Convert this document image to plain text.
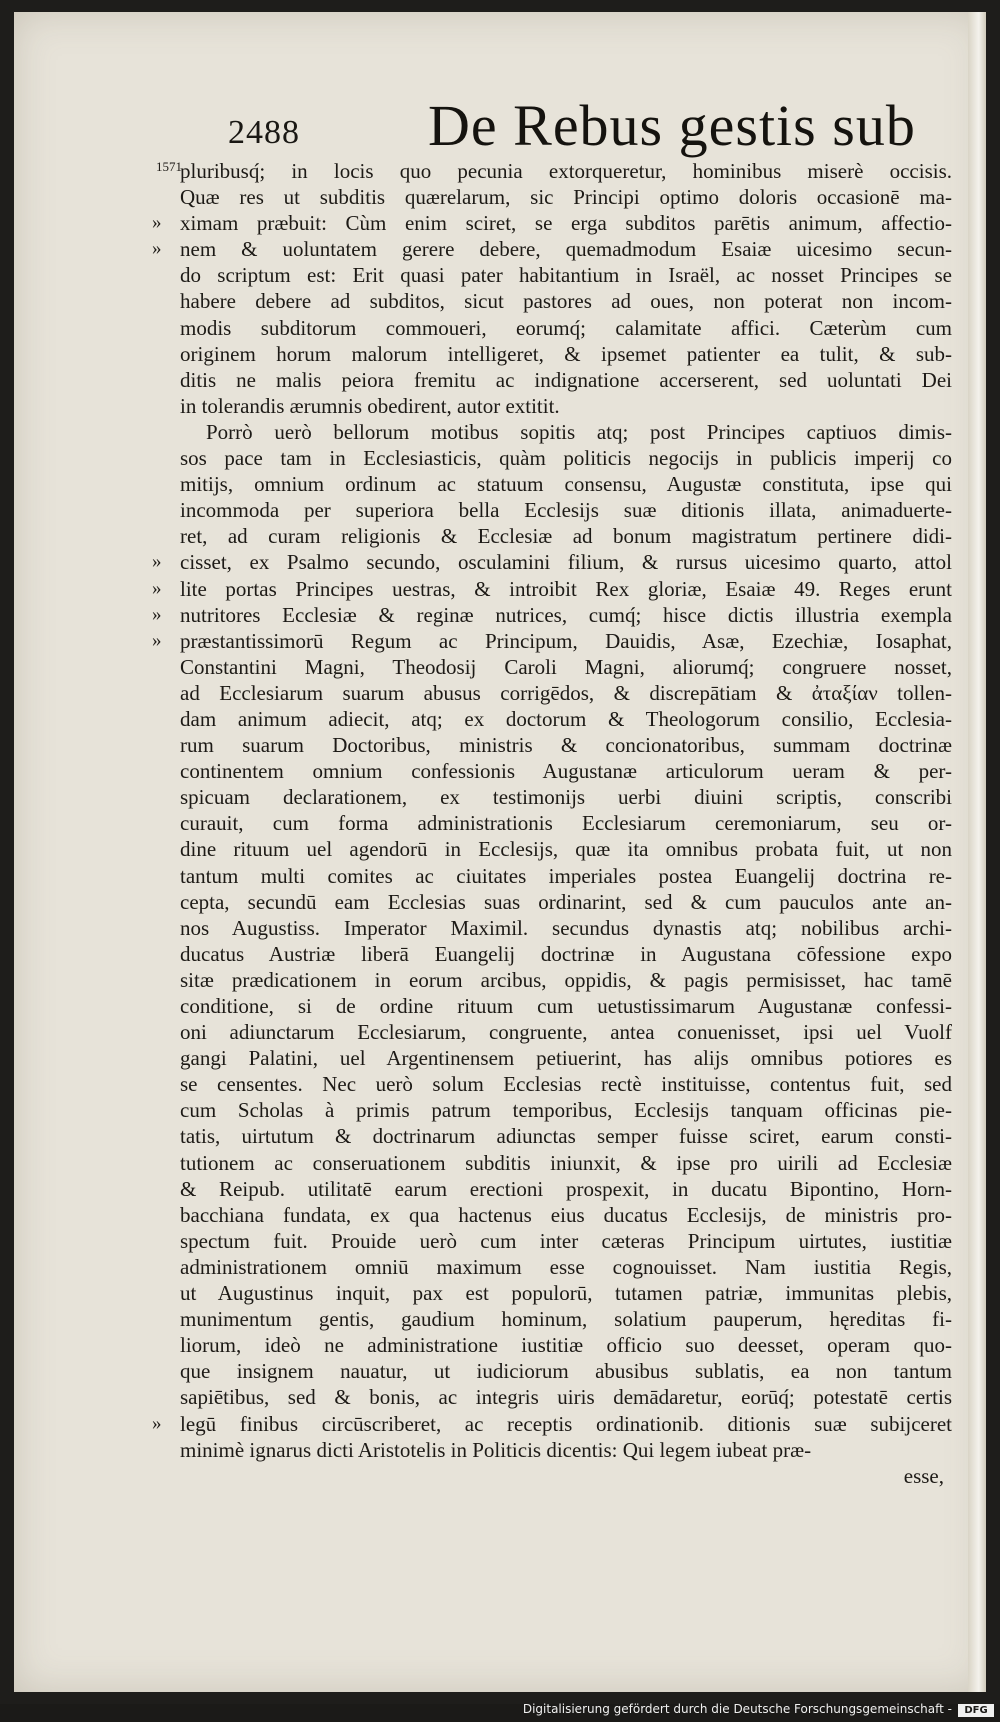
2488 De Rebus gestis sub
1571
pluribusq́; in locis quo pecunia extorqueretur, hominibus miserè occisis.
Quæ res ut subditis quærelarum, sic Principi optimo doloris occasionē ma-
» ximam præbuit: Cùm enim sciret, se erga subditos parētis animum, affectio-
» nem & uoluntatem gerere debere, quemadmodum Esaiæ uicesimo secun-
do scriptum est: Erit quasi pater habitantium in Israël, ac nosset Principes se
habere debere ad subditos, sicut pastores ad oues, non poterat non incom-
modis subditorum commoueri, eorumq́; calamitate affici. Cæterùm cum
originem horum malorum intelligeret, & ipsemet patienter ea tulit, & sub-
ditis ne malis peiora fremitu ac indignatione accerserent, sed uoluntati Dei
in tolerandis ærumnis obedirent, autor extitit.
Porrò uerò bellorum motibus sopitis atq; post Principes captiuos dimis-
sos pace tam in Ecclesiasticis, quàm politicis negocijs in publicis imperij co
mitijs, omnium ordinum ac statuum consensu, Augustæ constituta, ipse qui
incommoda per superiora bella Ecclesijs suæ ditionis illata, animaduerte-
ret, ad curam religionis & Ecclesiæ ad bonum magistratum pertinere didi-
» cisset, ex Psalmo secundo, osculamini filium, & rursus uicesimo quarto, attol
» lite portas Principes uestras, & introibit Rex gloriæ, Esaiæ 49. Reges erunt
» nutritores Ecclesiæ & reginæ nutrices, cumq́; hisce dictis illustria exempla
» præstantissimorū Regum ac Principum, Dauidis, Asæ, Ezechiæ, Iosaphat,
Constantini Magni, Theodosij Caroli Magni, aliorumq́; congruere nosset,
ad Ecclesiarum suarum abusus corrigēdos, & discrepātiam & ἀταξίαν tollen-
dam animum adiecit, atq; ex doctorum & Theologorum consilio, Ecclesia-
rum suarum Doctoribus, ministris & concionatoribus, summam doctrinæ
continentem omnium confessionis Augustanæ articulorum ueram & per-
spicuam declarationem, ex testimonijs uerbi diuini scriptis, conscribi
curauit, cum forma administrationis Ecclesiarum ceremoniarum, seu or-
dine rituum uel agendorū in Ecclesijs, quæ ita omnibus probata fuit, ut non
tantum multi comites ac ciuitates imperiales postea Euangelij doctrina re-
cepta, secundū eam Ecclesias suas ordinarint, sed & cum pauculos ante an-
nos Augustiss. Imperator Maximil. secundus dynastis atq; nobilibus archi-
ducatus Austriæ liberā Euangelij doctrinæ in Augustana cōfessione expo
sitæ prædicationem in eorum arcibus, oppidis, & pagis permisisset, hac tamē
conditione, si de ordine rituum cum uetustissimarum Augustanæ confessi-
oni adiunctarum Ecclesiarum, congruente, antea conuenisset, ipsi uel Vuolf
gangi Palatini, uel Argentinensem petiuerint, has alijs omnibus potiores es
se censentes. Nec uerò solum Ecclesias rectè instituisse, contentus fuit, sed
cum Scholas à primis patrum temporibus, Ecclesijs tanquam officinas pie-
tatis, uirtutum & doctrinarum adiunctas semper fuisse sciret, earum consti-
tutionem ac conseruationem subditis iniunxit, & ipse pro uirili ad Ecclesiæ
& Reipub. utilitatē earum erectioni prospexit, in ducatu Bipontino, Horn-
bacchiana fundata, ex qua hactenus eius ducatus Ecclesijs, de ministris pro-
spectum fuit. Prouide uerò cum inter cæteras Principum uirtutes, iustitiæ
administrationem omniū maximum esse cognouisset. Nam iustitia Regis,
ut Augustinus inquit, pax est populorū, tutamen patriæ, immunitas plebis,
munimentum gentis, gaudium hominum, solatium pauperum, hęreditas fi-
liorum, ideò ne administratione iustitiæ officio suo deesset, operam quo-
que insignem nauatur, ut iudiciorum abusibus sublatis, ea non tantum
sapiētibus, sed & bonis, ac integris uiris demādaretur, eorūq́; potestatē certis
» legū finibus circūscriberet, ac receptis ordinationib. ditionis suæ subijceret
minimè ignarus dicti Aristotelis in Politicis dicentis: Qui legem iubeat præ-
esse,
Digitalisierung gefördert durch die Deutsche Forschungsgemeinschaft -	DFG
